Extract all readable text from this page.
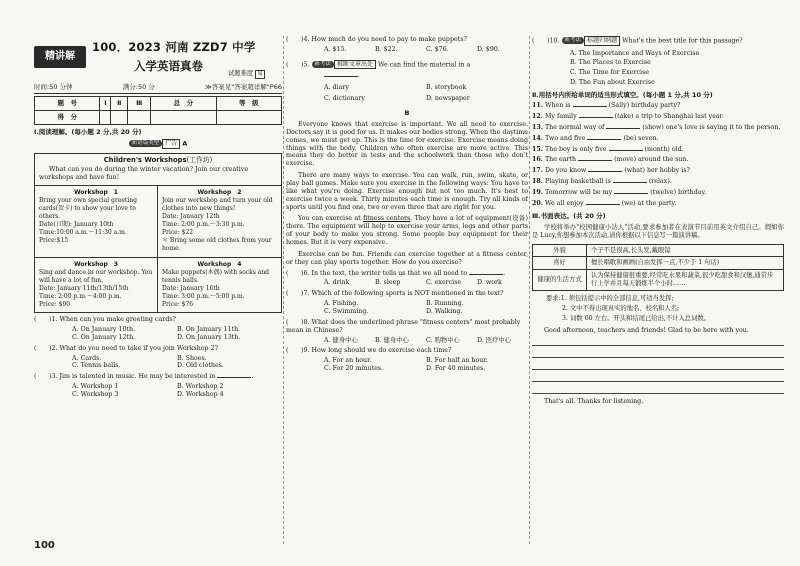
精讲解
100．2023 河南 ZZD7 中学
入学英语真卷
试题难度 易
时间:50 分钟	满分:50 分	≫答案见"答案超详解"P66
题　号	Ⅰ	Ⅱ	Ⅲ	总　分	等　级
得　分					
Ⅰ.阅读理解。(每小题 2 分,共 20 分)
新语篇类型 广告 A
Children's Workshops(工作坊)
What can you do during the winter vacation? Join our creative workshops and have fun!
Workshop　1
Bring your own special greeting cards(贺卡) to show your love to others.
Date(日期): January 10th
Time:10:00 a.m.～11:30 a.m.
Price:$15
Workshop　2
Join our workshop and turn your old clothes into new things!
Date: January 12th
Time: 2:00 p.m.～3:30 p.m.
Price: $22
＊ Bring some old clothes from your home.
Workshop　3
Sing and dance in our workshop. You will have a lot of fun.
Date: January 11th/13th/15th
Time: 2:00 p.m.～4:00 p.m.
Price: $90
Workshop　4
Make puppets(木偶) with socks and tennis balls.
Date: January 16th
Time: 3:00 p.m.～5:00 p.m.
Price: $76
(　　)1. When can you make greeting cards?
A. On January 10th.	B. On January 11th.
C. On January 12th.	D. On January 13th.
(　　)2. What do you need to take if you join Workshop 2?
A. Cards.	B. Shoes.
C. Tennis balls.	D. Old clothes.
(　　)3. Jim is talented in music. He may be interested in	.
A. Workshop 1	B. Workshop 2
C. Workshop 3	D. Workshop 4
100
(　　)4. How much do you need to pay to make puppets?
A. $15.	B. $22.	C. $76.	D. $90.
(　　)5. 新考法 推断文章出处 We can find the material in a
.
A. diary	B. storybook
C. dictionary	D. newspaper
B
Everyone knows that exercise is important. We all need to exercise. Doctors say it is good for us. It makes our bodies strong. When the daytime comes, we must get up. This is the time for exercise. Exercise means doing things with the body. Children who often exercise are more active. This means they do better in tests and the schoolwork than those who don't exercise.
There are many ways to exercise. You can walk, run, swim, skate, or play ball games. Make sure you exercise in the following ways: You have to like what you're doing. Exercise enough but not too much. It's best to exercise twice a week. Thirty minutes each time is enough. Try all kinds of sports until you find one, two or even three that are right for you.
You can exercise at fitness centers. They have a lot of equipment(设备) there. The equipment will help to exercise your arms, legs and other parts of your body to make you strong. Some people buy equipment for their homes. But it is very expensive.
Exercise can be fun. Friends can exercise together at a fitness center, or they can play sports together. How do you exercise?
(　　)6. In the text, the writer tells us that we all need to	.
A. drink	B. sleep	C. exercise	D. work
(　　)7. Which of the following sports is NOT mentioned in the text?
A. Fishing.	B. Running.
C. Swimming.	D. Walking.
(　　)8. What does the underlined phrase "fitness centers" most probably mean in Chinese?
A. 健身中心	B. 健身中心	C. 购物中心	D. 医疗中心
(　　)9. How long should we do exercise each time?
A. For an hour.	B. For half an hour.
C. For 20 minutes.	D. For 40 minutes.
(　　)10. 新考法 标题归纳题 What's the best title for this passage?
A. The Importance and Ways of Exercise
B. The Places to Exercise
C. The Time for Exercise
D. The Fun about Exercise
Ⅱ.用括号内所给单词的适当形式填空。(每小题 1 分,共 10 分)
11. When is	(Sally) birthday party?
12. My family	(take) a trip to Shanghai last year.
13. The normal way of	(show) one's love is saying it to the person.
14. Two and five	(be) seven.
15. The boy is only five	(month) old.
16. The earth	(move) around the sun.
17. Do you know	(what) her hobby is?
18. Playing basketball is	(relax).
19. Tomorrow will be my	(twelve) birthday.
20. We all enjoy	(we) at the party.
Ⅲ.书面表达。(共 20 分)
学校将举办"校园健康小达人"活动,要求参加者在表演节目前用英文介绍自己。假如你是 Lucy,你想参加本次活动,请你根据以下信息写一篇演讲稿。
外貌	个子不是很高,长头发,戴眼镜
喜好	擅长唱歌和画画(自由发挥一点,不少于 1 句话)
健康的生活方式	认为保持健康很重要,经常吃水果和蔬菜,很少吃甜食和汉堡,通常步行上学并且每天锻炼半个小时……
要求:1. 须包括提示中的全部信息,可适当发挥;
2. 文中不得出现真实的地名、校名和人名;
3. 词数 60 左右。开头和结尾已给出,不计入总词数。
Good afternoon, teachers and friends! Glad to be here with you.
That's all. Thanks for listening.
